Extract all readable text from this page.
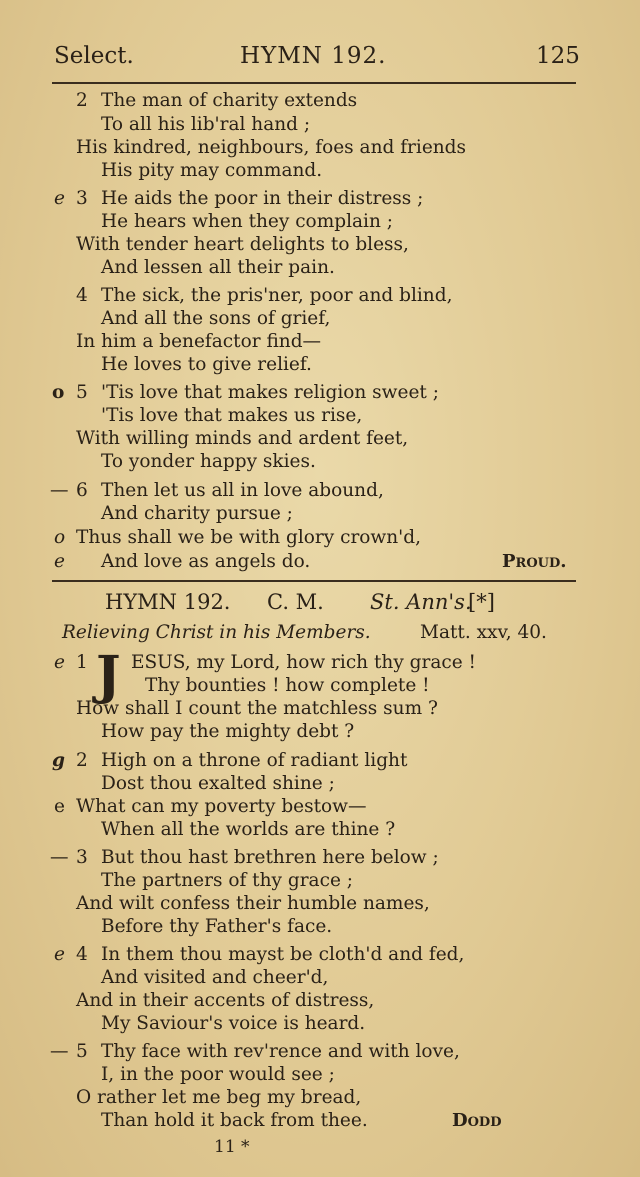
Select.	HYMN 192.	125
2 The man of charity extends
To all his lib'ral hand ;
His kindred, neighbours, foes and friends
His pity may command.
e 3 He aids the poor in their distress ;
He hears when they complain ;
With tender heart delights to bless,
And lessen all their pain.
4 The sick, the pris'ner, poor and blind,
And all the sons of grief,
In him a benefactor find—
He loves to give relief.
o 5 'Tis love that makes religion sweet ;
'Tis love that makes us rise,
With willing minds and ardent feet,
To yonder happy skies.
— 6 Then let us all in love abound,
And charity pursue ;
o Thus shall we be with glory crown'd,
e And love as angels do.	Proud.
HYMN 192. C. M. St. Ann's.
[*]
Relieving Christ in his Members.	Matt. xxv, 40.
e 1 J ESUS, my Lord, how rich thy grace !
Thy bounties ! how complete !
How shall I count the matchless sum ?
How pay the mighty debt ?
g 2 High on a throne of radiant light
Dost thou exalted shine ;
e What can my poverty bestow—
When all the worlds are thine ?
— 3 But thou hast brethren here below ;
The partners of thy grace ;
And wilt confess their humble names,
Before thy Father's face.
e 4 In them thou mayst be cloth'd and fed,
And visited and cheer'd,
And in their accents of distress,
My Saviour's voice is heard.
— 5 Thy face with rev'rence and with love,
I, in the poor would see ;
O rather let me beg my bread,
Than hold it back from thee.	Dodd
11 *
